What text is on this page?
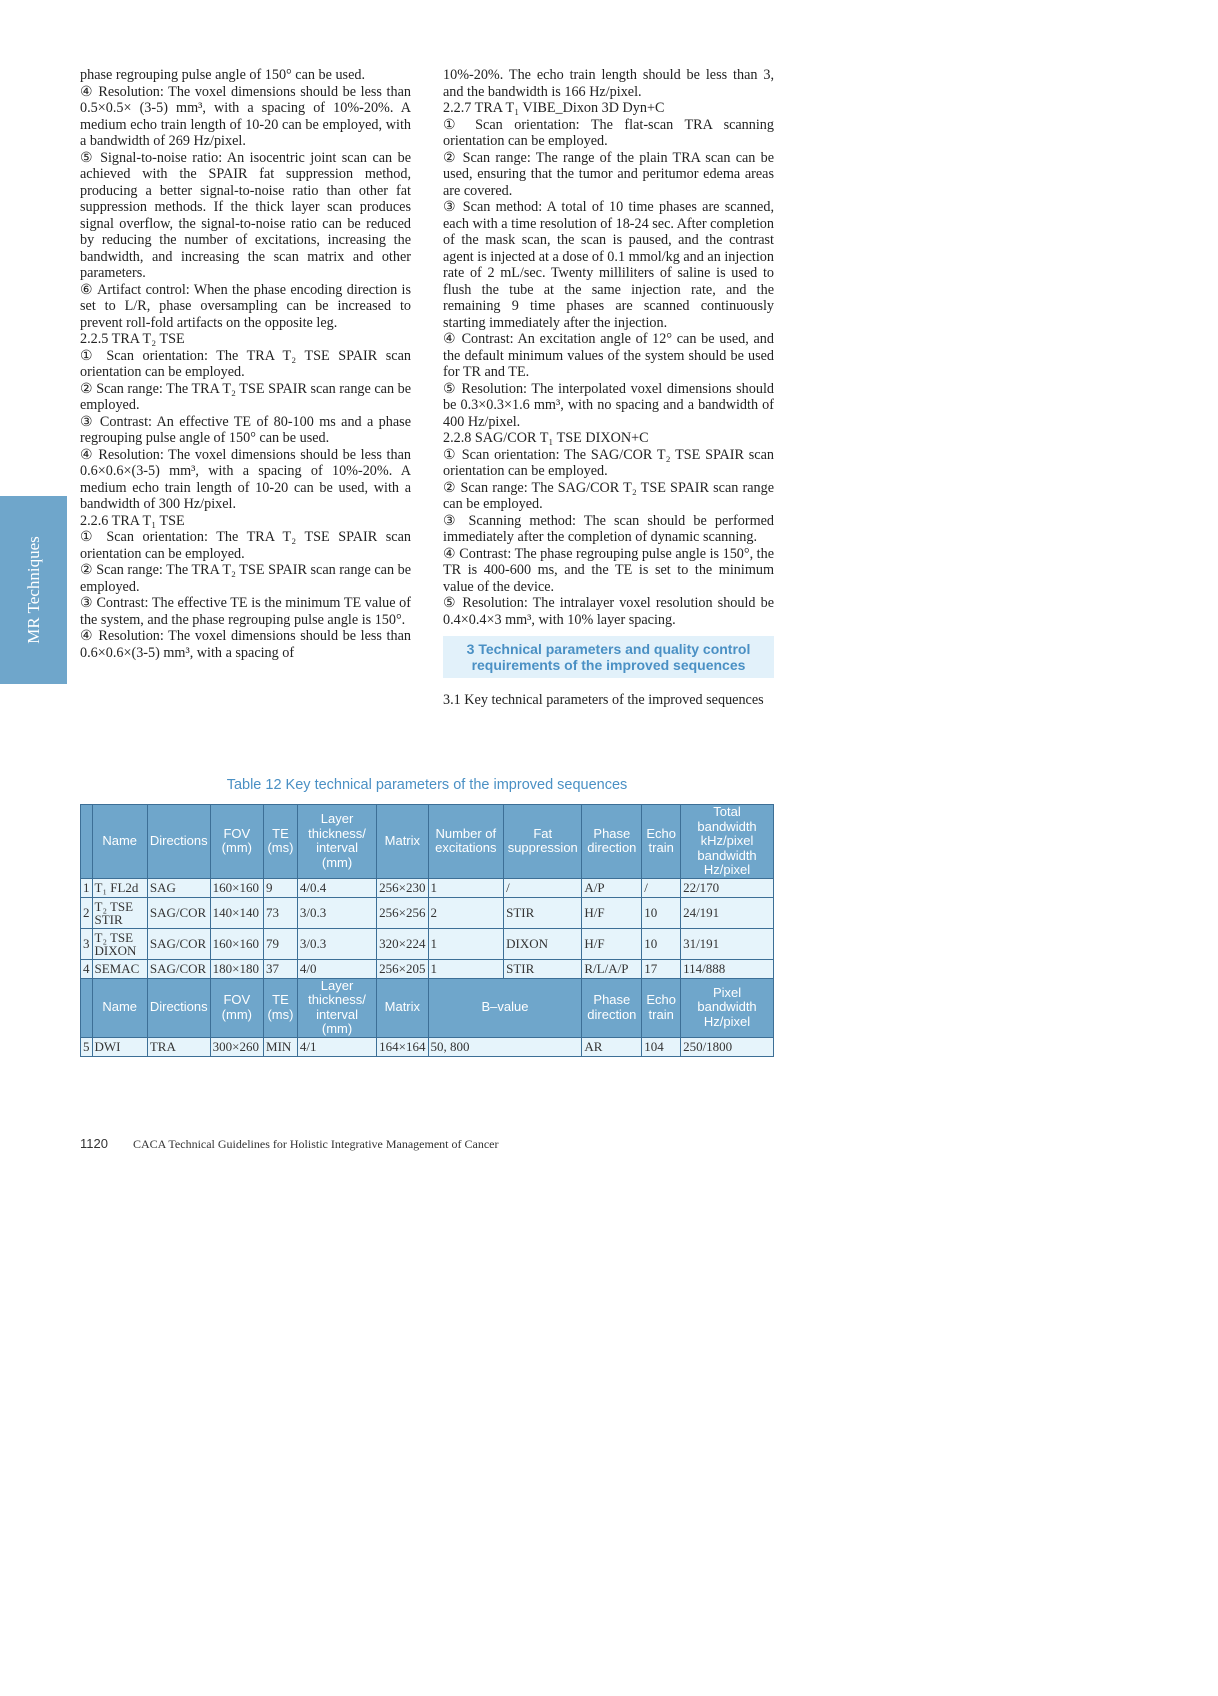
MR Techniques

phase regrouping pulse angle of 150° can be used.

④ Resolution: The voxel dimensions should be less than 0.5×0.5× (3-5) mm³, with a spacing of 10%-20%. A medium echo train length of 10-20 can be employed, with a bandwidth of 269 Hz/pixel.

⑤ Signal-to-noise ratio: An isocentric joint scan can be achieved with the SPAIR fat suppression method, producing a better signal-to-noise ratio than other fat suppression methods. If the thick layer scan produces signal overflow, the signal-to-noise ratio can be reduced by reducing the number of excitations, increasing the bandwidth, and increasing the scan matrix and other parameters.

⑥ Artifact control: When the phase encoding direction is set to L/R, phase oversampling can be increased to prevent roll-fold artifacts on the opposite leg.

2.2.5 TRA T₂ TSE

① Scan orientation: The TRA T₂ TSE SPAIR scan orientation can be employed.

② Scan range: The TRA T₂ TSE SPAIR scan range can be employed.

③ Contrast: An effective TE of 80-100 ms and a phase regrouping pulse angle of 150° can be used.

④ Resolution: The voxel dimensions should be less than 0.6×0.6×(3-5) mm³, with a spacing of 10%-20%. A medium echo train length of 10-20 can be used, with a bandwidth of 300 Hz/pixel.

2.2.6 TRA T₁ TSE

① Scan orientation: The TRA T₂ TSE SPAIR scan orientation can be employed.

② Scan range: The TRA T₂ TSE SPAIR scan range can be employed.

③ Contrast: The effective TE is the minimum TE value of the system, and the phase regrouping pulse angle is 150°.

④ Resolution: The voxel dimensions should be less than 0.6×0.6×(3-5) mm³, with a spacing of

10%-20%. The echo train length should be less than 3, and the bandwidth is 166 Hz/pixel.

2.2.7 TRA T₁ VIBE_Dixon 3D Dyn+C

① Scan orientation: The flat-scan TRA scanning orientation can be employed.

② Scan range: The range of the plain TRA scan can be used, ensuring that the tumor and peritumor edema areas are covered.

③ Scan method: A total of 10 time phases are scanned, each with a time resolution of 18-24 sec. After completion of the mask scan, the scan is paused, and the contrast agent is injected at a dose of 0.1 mmol/kg and an injection rate of 2 mL/sec. Twenty milliliters of saline is used to flush the tube at the same injection rate, and the remaining 9 time phases are scanned continuously starting immediately after the injection.

④ Contrast: An excitation angle of 12° can be used, and the default minimum values of the system should be used for TR and TE.

⑤ Resolution: The interpolated voxel dimensions should be 0.3×0.3×1.6 mm³, with no spacing and a bandwidth of 400 Hz/pixel.

2.2.8 SAG/COR T₁ TSE DIXON+C

① Scan orientation: The SAG/COR T₂ TSE SPAIR scan orientation can be employed.

② Scan range: The SAG/COR T₂ TSE SPAIR scan range can be employed.

③ Scanning method: The scan should be performed immediately after the completion of dynamic scanning.

④ Contrast: The phase regrouping pulse angle is 150°, the TR is 400-600 ms, and the TE is set to the minimum value of the device.

⑤ Resolution: The intralayer voxel resolution should be 0.4×0.4×3 mm³, with 10% layer spacing.

3 Technical parameters and quality control requirements of the improved sequences

3.1 Key technical parameters of the improved sequences

Table 12 Key technical parameters of the improved sequences
	Name	Directions	FOV (mm)	TE (ms)	Layer thickness/ interval (mm)	Matrix	Number of excitations	Fat suppression	Phase direction	Echo train	Total bandwidth kHz/pixel bandwidth Hz/pixel
1	T₁ FL2d	SAG	160×160	9	4/0.4	256×230	1	/	A/P	/	22/170
2	T₂ TSE STIR	SAG/COR	140×140	73	3/0.3	256×256	2	STIR	H/F	10	24/191
3	T₂ TSE DIXON	SAG/COR	160×160	79	3/0.3	320×224	1	DIXON	H/F	10	31/191
4	SEMAC	SAG/COR	180×180	37	4/0	256×205	1	STIR	R/L/A/P	17	114/888
	Name	Directions	FOV (mm)	TE (ms)	Layer thickness/ interval (mm)	Matrix	B–value		Phase direction	Echo train	Pixel bandwidth Hz/pixel
5	DWI	TRA	300×260	MIN	4/1	164×164	50, 800		AR	104	250/1800
1120 CACA Technical Guidelines for Holistic Integrative Management of Cancer
